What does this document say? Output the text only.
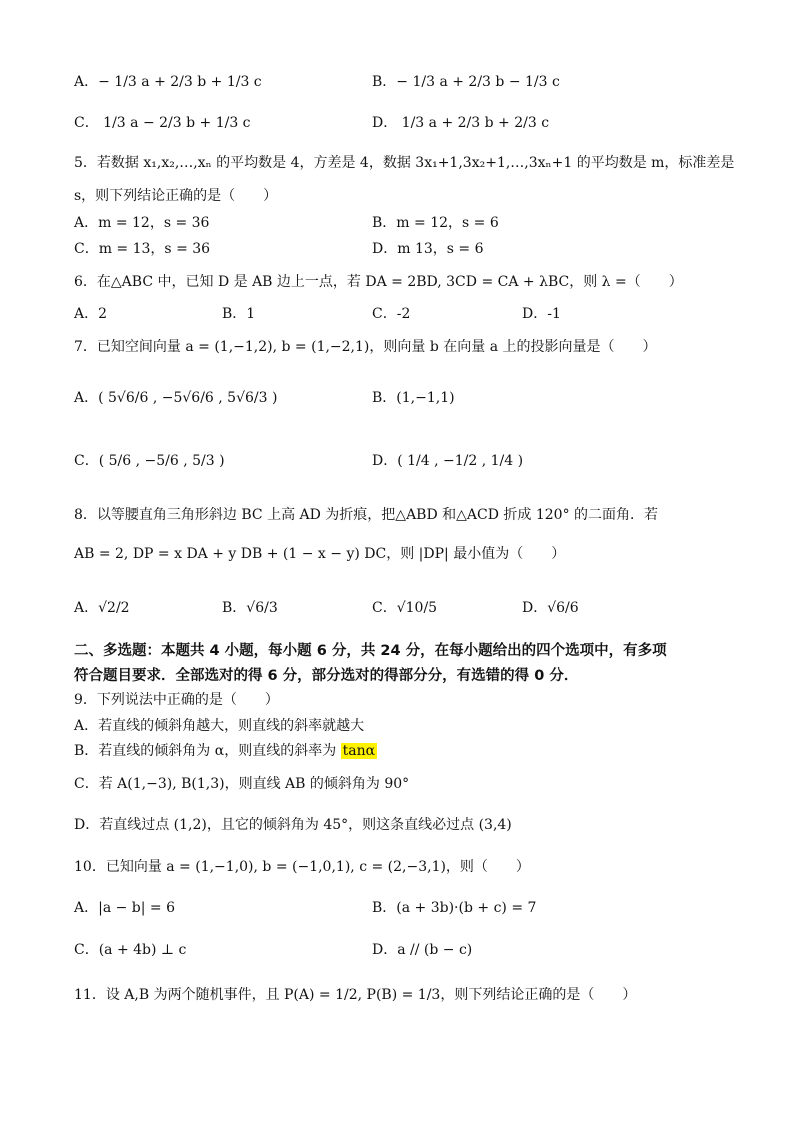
A．− 1/3 a + 2/3 b + 1/3 c	B．− 1/3 a + 2/3 b − 1/3 c
C． 1/3 a − 2/3 b + 1/3 c	D． 1/3 a + 2/3 b + 2/3 c
5．若数据 x₁,x₂,…,xₙ 的平均数是 4，方差是 4，数据 3x₁+1,3x₂+1,…,3xₙ+1 的平均数是 m，标准差是
s，则下列结论正确的是（　　）
A．m = 12，s = 36	B．m = 12，s = 6
C．m = 13，s = 36	D．m 13，s = 6
6．在△ABC 中，已知 D 是 AB 边上一点，若 DA = 2BD, 3CD = CA + λBC，则 λ =（　　）
A．2	B．1	C．-2	D．-1
7．已知空间向量 a = (1,−1,2), b = (1,−2,1)，则向量 b 在向量 a 上的投影向量是（　　）
A．( 5√6/6 , −5√6/6 , 5√6/3 )	B．(1,−1,1)
C．( 5/6 , −5/6 , 5/3 )	D．( 1/4 , −1/2 , 1/4 )
8．以等腰直角三角形斜边 BC 上高 AD 为折痕，把△ABD 和△ACD 折成 120° 的二面角．若
AB = 2, DP = x DA + y DB + (1 − x − y) DC，则 |DP| 最小值为（　　）
A．√2/2	B．√6/3	C．√10/5	D．√6/6
二、多选题：本题共 4 小题，每小题 6 分，共 24 分，在每小题给出的四个选项中，有多项
符合题目要求．全部选对的得 6 分，部分选对的得部分分，有选错的得 0 分．
9．下列说法中正确的是（　　）
A．若直线的倾斜角越大，则直线的斜率就越大
B．若直线的倾斜角为 α，则直线的斜率为 tanα
C．若 A(1,−3), B(1,3)，则直线 AB 的倾斜角为 90°
D．若直线过点 (1,2)，且它的倾斜角为 45°，则这条直线必过点 (3,4)
10．已知向量 a = (1,−1,0), b = (−1,0,1), c = (2,−3,1)，则（　　）
A．|a − b| = 6	B．(a + 3b)·(b + c) = 7
C．(a + 4b) ⊥ c	D．a // (b − c)
11．设 A,B 为两个随机事件，且 P(A) = 1/2, P(B) = 1/3，则下列结论正确的是（　　）
